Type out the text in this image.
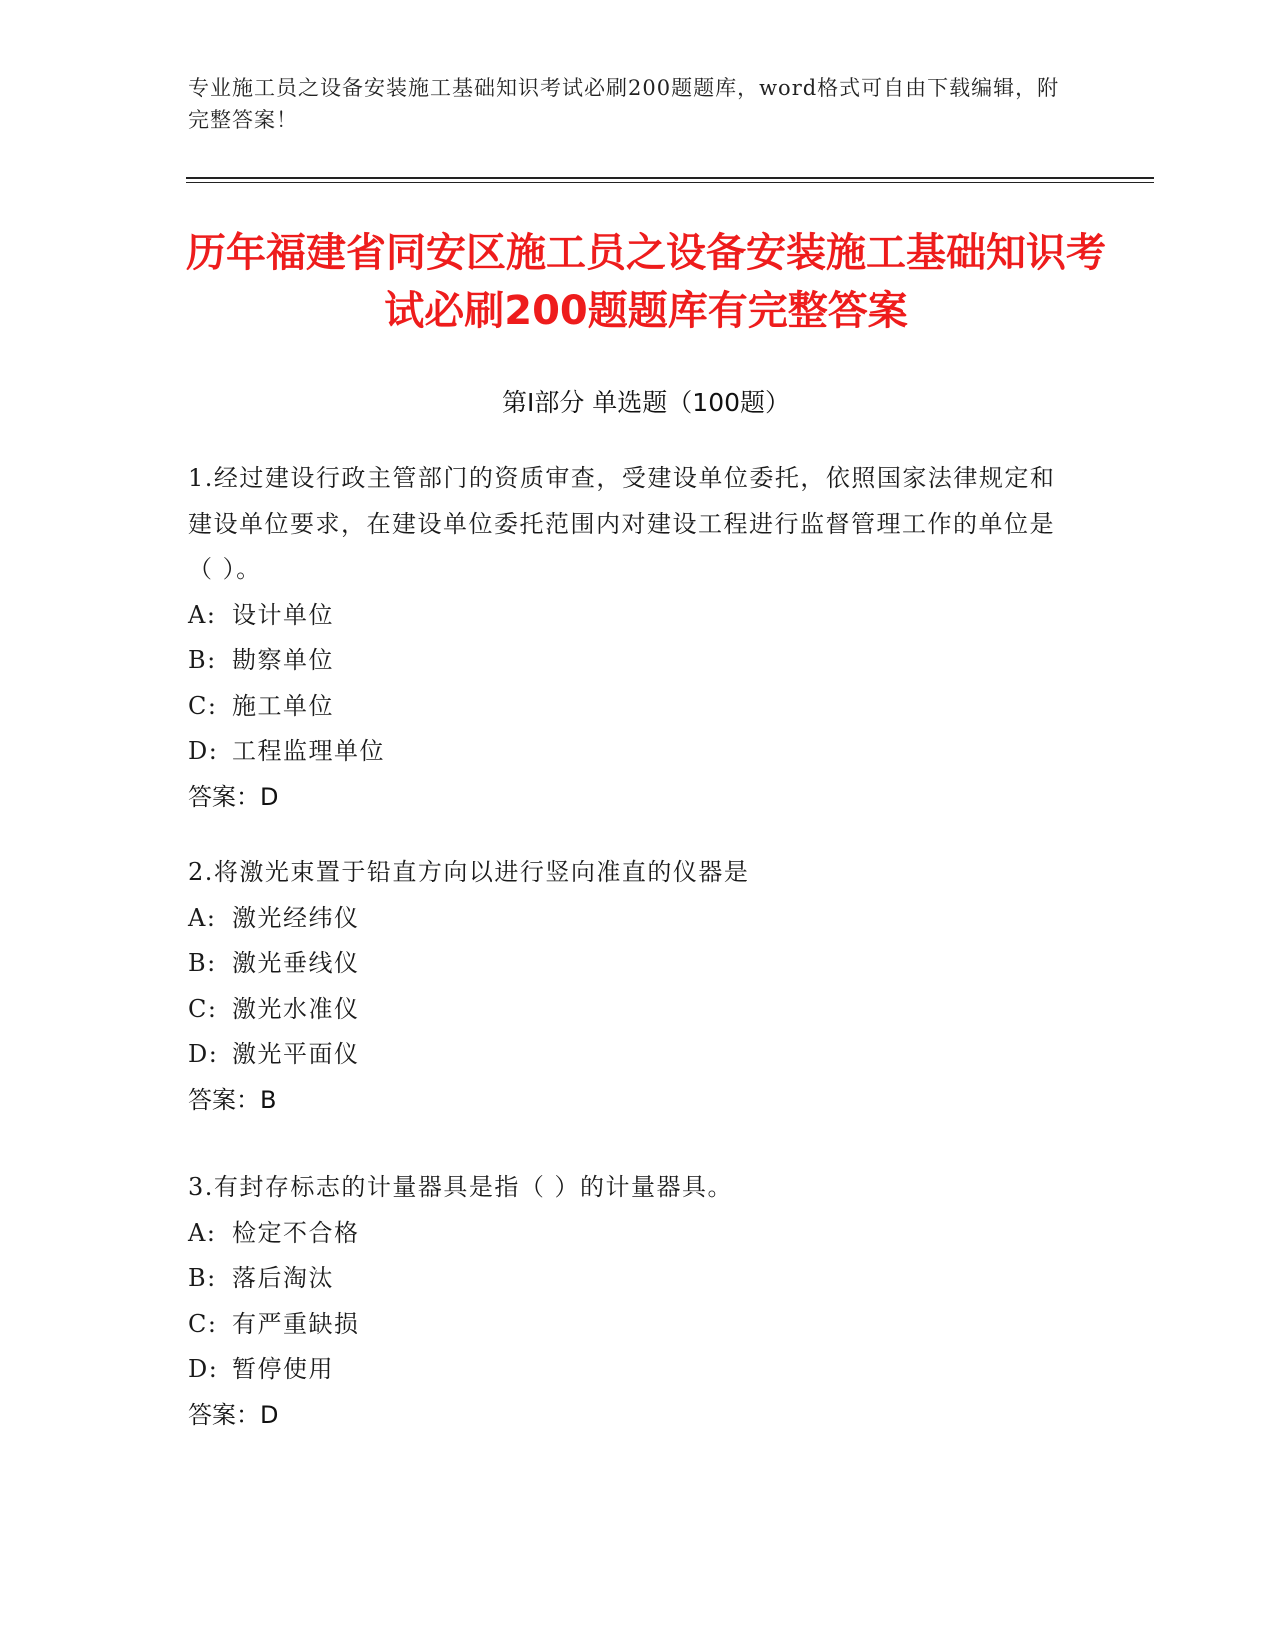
专业施工员之设备安装施工基础知识考试必刷200题题库，word格式可自由下载编辑，附完整答案！
历年福建省同安区施工员之设备安装施工基础知识考试必刷200题题库有完整答案
第I部分 单选题（100题）
1.经过建设行政主管部门的资质审查，受建设单位委托，依照国家法律规定和建设单位要求，在建设单位委托范围内对建设工程进行监督管理工作的单位是（ ）。
A: 设计单位
B: 勘察单位
C: 施工单位
D: 工程监理单位
答案：D
2.将激光束置于铅直方向以进行竖向准直的仪器是
A: 激光经纬仪
B: 激光垂线仪
C: 激光水准仪
D: 激光平面仪
答案：B
3.有封存标志的计量器具是指（ ）的计量器具。
A: 检定不合格
B: 落后淘汰
C: 有严重缺损
D: 暂停使用
答案：D
